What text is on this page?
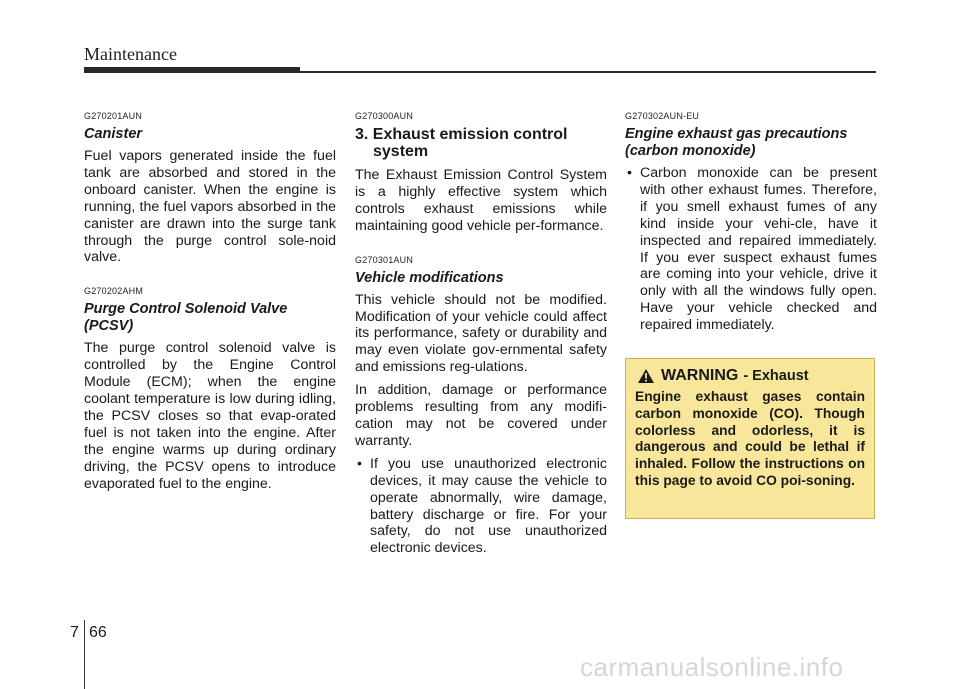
Maintenance
G270201AUN
Canister

Fuel vapors generated inside the fuel tank are absorbed and stored in the onboard canister. When the engine is running, the fuel vapors absorbed in the canister are drawn into the surge tank through the purge control sole-noid valve.

G270202AHM
Purge Control Solenoid Valve (PCSV)

The purge control solenoid valve is controlled by the Engine Control Module (ECM); when the engine coolant temperature is low during idling, the PCSV closes so that evap-orated fuel is not taken into the engine. After the engine warms up during ordinary driving, the PCSV opens to introduce evaporated fuel to the engine.

G270300AUN
3. Exhaust emission control system

The Exhaust Emission Control System is a highly effective system which controls exhaust emissions while maintaining good vehicle per-formance.

G270301AUN
Vehicle modifications

This vehicle should not be modified. Modification of your vehicle could affect its performance, safety or durability and may even violate gov-ernmental safety and emissions reg-ulations.

In addition, damage or performance problems resulting from any modifi-cation may not be covered under warranty.

• If you use unauthorized electronic devices, it may cause the vehicle to operate abnormally, wire damage, battery discharge or fire. For your safety, do not use unauthorized electronic devices.

G270302AUN-EU
Engine exhaust gas precautions (carbon monoxide)

• Carbon monoxide can be present with other exhaust fumes. Therefore, if you smell exhaust fumes of any kind inside your vehi-cle, have it inspected and repaired immediately. If you ever suspect exhaust fumes are coming into your vehicle, drive it only with all the windows fully open. Have your vehicle checked and repaired immediately.

WARNING - Exhaust
Engine exhaust gases contain carbon monoxide (CO). Though colorless and odorless, it is dangerous and could be lethal if inhaled. Follow the instructions on this page to avoid CO poi-soning.
7 66
carmanualsonline.info
